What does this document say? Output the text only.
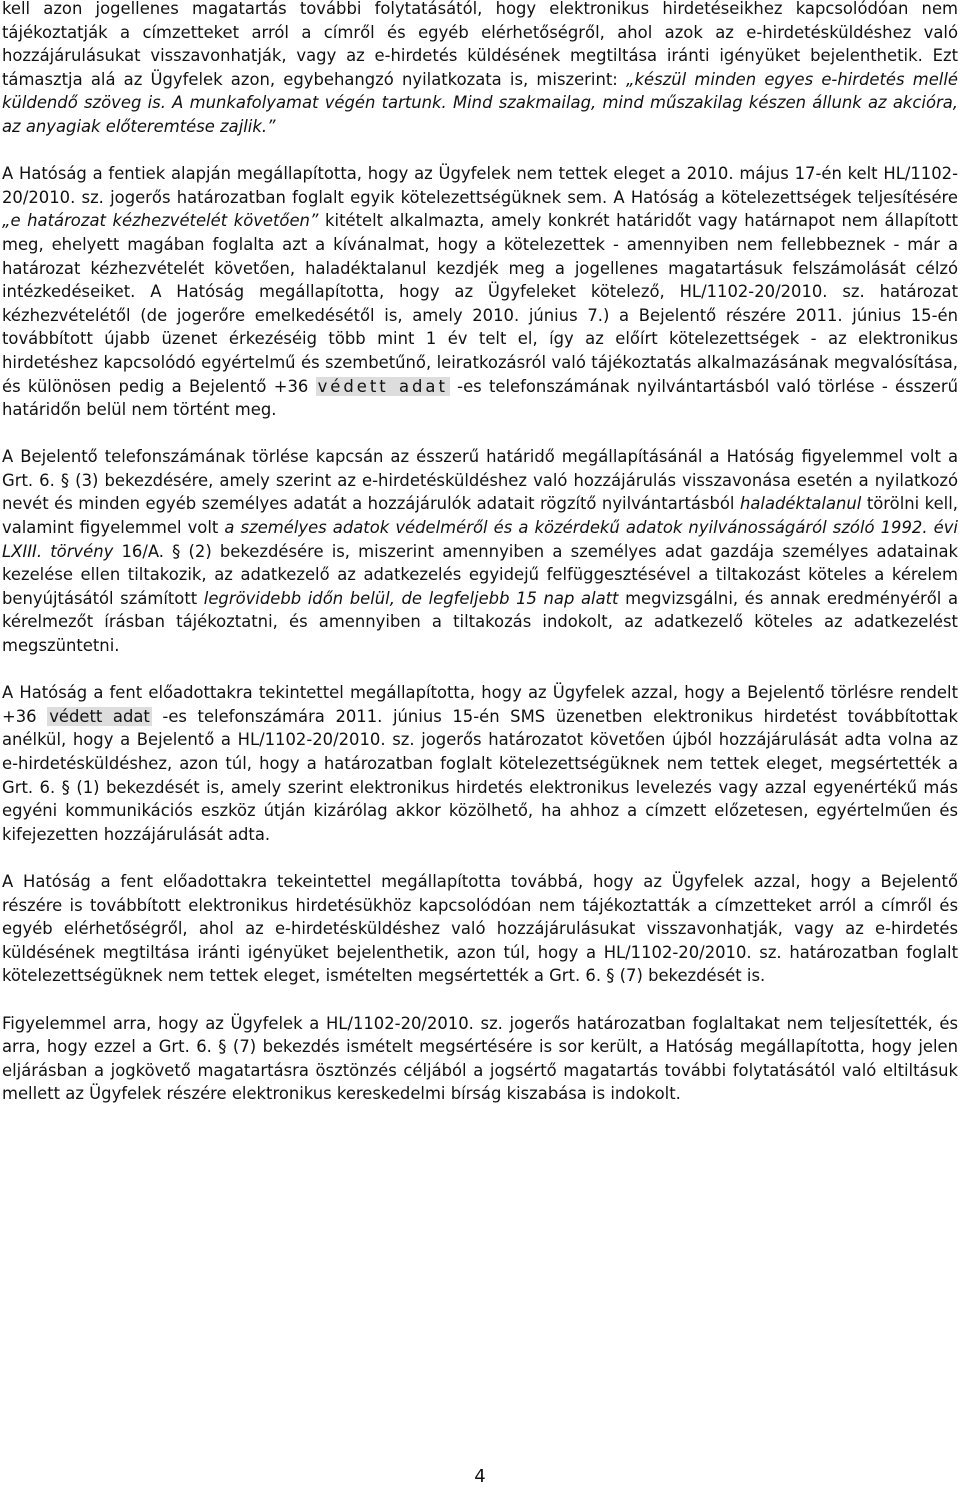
kell azon jogellenes magatartás további folytatásától, hogy elektronikus hirdetéseikhez kapcsolódóan nem tájékoztatják a címzetteket arról a címről és egyéb elérhetőségről, ahol azok az e-hirdetésküldéshez való hozzájárulásukat visszavonhatják, vagy az e-hirdetés küldésének megtiltása iránti igényüket bejelenthetik. Ezt támasztja alá az Ügyfelek azon, egybehangzó nyilatkozata is, miszerint: „készül minden egyes e-hirdetés mellé küldendő szöveg is. A munkafolyamat végén tartunk. Mind szakmailag, mind műszakilag készen állunk az akcióra, az anyagiak előteremtése zajlik.”

A Hatóság a fentiek alapján megállapította, hogy az Ügyfelek nem tettek eleget a 2010. május 17-én kelt HL/1102-20/2010. sz. jogerős határozatban foglalt egyik kötelezettségüknek sem. A Hatóság a kötelezettségek teljesítésére „e határozat kézhezvételét követően” kitételt alkalmazta, amely konkrét határidőt vagy határnapot nem állapított meg, ehelyett magában foglalta azt a kívánalmat, hogy a kötelezettek - amennyiben nem fellebbeznek - már a határozat kézhezvételét követően, haladéktalanul kezdjék meg a jogellenes magatartásuk felszámolását célzó intézkedéseiket. A Hatóság megállapította, hogy az Ügyfeleket kötelező, HL/1102-20/2010. sz. határozat kézhezvételétől (de jogerőre emelkedésétől is, amely 2010. június 7.) a Bejelentő részére 2011. június 15-én továbbított újabb üzenet érkezéséig több mint 1 év telt el, így az előírt kötelezettségek - az elektronikus hirdetéshez kapcsolódó egyértelmű és szembetűnő, leiratkozásról való tájékoztatás alkalmazásának megvalósítása, és különösen pedig a Bejelentő +36 védett adat -es telefonszámának nyilvántartásból való törlése - ésszerű határidőn belül nem történt meg.

A Bejelentő telefonszámának törlése kapcsán az ésszerű határidő megállapításánál a Hatóság figyelemmel volt a Grt. 6. § (3) bekezdésére, amely szerint az e-hirdetésküldéshez való hozzájárulás visszavonása esetén a nyilatkozó nevét és minden egyéb személyes adatát a hozzájárulók adatait rögzítő nyilvántartásból haladéktalanul törölni kell, valamint figyelemmel volt a személyes adatok védelméről és a közérdekű adatok nyilvánosságáról szóló 1992. évi LXIII. törvény 16/A. § (2) bekezdésére is, miszerint amennyiben a személyes adat gazdája személyes adatainak kezelése ellen tiltakozik, az adatkezelő az adatkezelés egyidejű felfüggesztésével a tiltakozást köteles a kérelem benyújtásától számított legrövidebb időn belül, de legfeljebb 15 nap alatt megvizsgálni, és annak eredményéről a kérelmezőt írásban tájékoztatni, és amennyiben a tiltakozás indokolt, az adatkezelő köteles az adatkezelést megszüntetni.

A Hatóság a fent előadottakra tekintettel megállapította, hogy az Ügyfelek azzal, hogy a Bejelentő törlésre rendelt +36 védett adat -es telefonszámára 2011. június 15-én SMS üzenetben elektronikus hirdetést továbbítottak anélkül, hogy a Bejelentő a HL/1102-20/2010. sz. jogerős határozatot követően újból hozzájárulását adta volna az e-hirdetésküldéshez, azon túl, hogy a határozatban foglalt kötelezettségüknek nem tettek eleget, megsértették a Grt. 6. § (1) bekezdését is, amely szerint elektronikus hirdetés elektronikus levelezés vagy azzal egyenértékű más egyéni kommunikációs eszköz útján kizárólag akkor közölhető, ha ahhoz a címzett előzetesen, egyértelműen és kifejezetten hozzájárulását adta.

A Hatóság a fent előadottakra tekeintettel megállapította továbbá, hogy az Ügyfelek azzal, hogy a Bejelentő részére is továbbított elektronikus hirdetésükhöz kapcsolódóan nem tájékoztatták a címzetteket arról a címről és egyéb elérhetőségről, ahol az e-hirdetésküldéshez való hozzájárulásukat visszavonhatják, vagy az e-hirdetés küldésének megtiltása iránti igényüket bejelenthetik, azon túl, hogy a HL/1102-20/2010. sz. határozatban foglalt kötelezettségüknek nem tettek eleget, ismételten megsértették a Grt. 6. § (7) bekezdését is.

Figyelemmel arra, hogy az Ügyfelek a HL/1102-20/2010. sz. jogerős határozatban foglaltakat nem teljesítették, és arra, hogy ezzel a Grt. 6. § (7) bekezdés ismételt megsértésére is sor került, a Hatóság megállapította, hogy jelen eljárásban a jogkövető magatartásra ösztönzés céljából a jogsértő magatartás további folytatásától való eltiltásuk mellett az Ügyfelek részére elektronikus kereskedelmi bírság kiszabása is indokolt.

4
